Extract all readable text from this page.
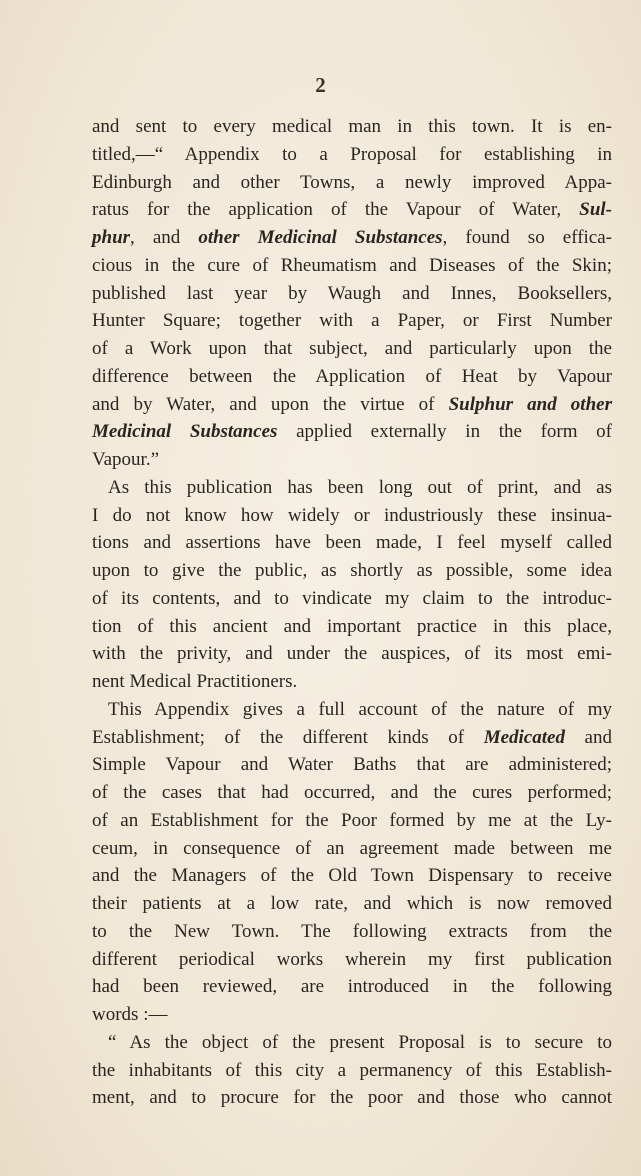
2
and sent to every medical man in this town. It is en-
titled,—“ Appendix to a Proposal for establishing in
Edinburgh and other Towns, a newly improved Appa-
ratus for the application of the Vapour of Water, Sul-
phur, and other Medicinal Substances, found so effica-
cious in the cure of Rheumatism and Diseases of the Skin;
published last year by Waugh and Innes, Booksellers,
Hunter Square; together with a Paper, or First Number
of a Work upon that subject, and particularly upon the
difference between the Application of Heat by Vapour
and by Water, and upon the virtue of Sulphur and other
Medicinal Substances applied externally in the form of
Vapour.”
As this publication has been long out of print, and as
I do not know how widely or industriously these insinua-
tions and assertions have been made, I feel myself called
upon to give the public, as shortly as possible, some idea
of its contents, and to vindicate my claim to the introduc-
tion of this ancient and important practice in this place,
with the privity, and under the auspices, of its most emi-
nent Medical Practitioners.
This Appendix gives a full account of the nature of my
Establishment; of the different kinds of Medicated and
Simple Vapour and Water Baths that are administered;
of the cases that had occurred, and the cures performed;
of an Establishment for the Poor formed by me at the Ly-
ceum, in consequence of an agreement made between me
and the Managers of the Old Town Dispensary to receive
their patients at a low rate, and which is now removed
to the New Town. The following extracts from the
different periodical works wherein my first publication
had been reviewed, are introduced in the following
words :—
“ As the object of the present Proposal is to secure to
the inhabitants of this city a permanency of this Establish-
ment, and to procure for the poor and those who cannot
